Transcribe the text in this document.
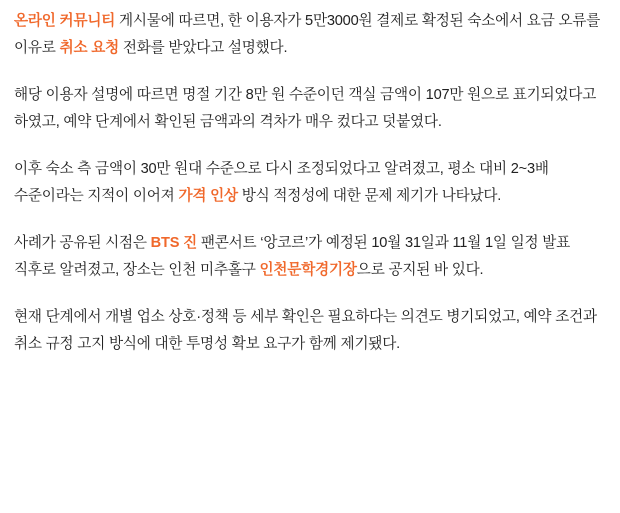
온라인 커뮤니티 게시물에 따르면, 한 이용자가 5만3000원 결제로 확정된 숙소에서 요금 오류를 이유로 취소 요청 전화를 받았다고 설명했다.

해당 이용자 설명에 따르면 명절 기간 8만 원 수준이던 객실 금액이 107만 원으로 표기되었다고 하였고, 예약 단계에서 확인된 금액과의 격차가 매우 컸다고 덧붙였다.

이후 숙소 측 금액이 30만 원대 수준으로 다시 조정되었다고 알려졌고, 평소 대비 2~3배 수준이라는 지적이 이어져 가격 인상 방식 적정성에 대한 문제 제기가 나타났다.

사례가 공유된 시점은 BTS 진 팬콘서트 ‘앙코르’가 예정된 10월 31일과 11월 1일 일정 발표 직후로 알려졌고, 장소는 인천 미추홀구 인천문학경기장으로 공지된 바 있다.

현재 단계에서 개별 업소 상호·정책 등 세부 확인은 필요하다는 의견도 병기되었고, 예약 조건과 취소 규정 고지 방식에 대한 투명성 확보 요구가 함께 제기됐다.
